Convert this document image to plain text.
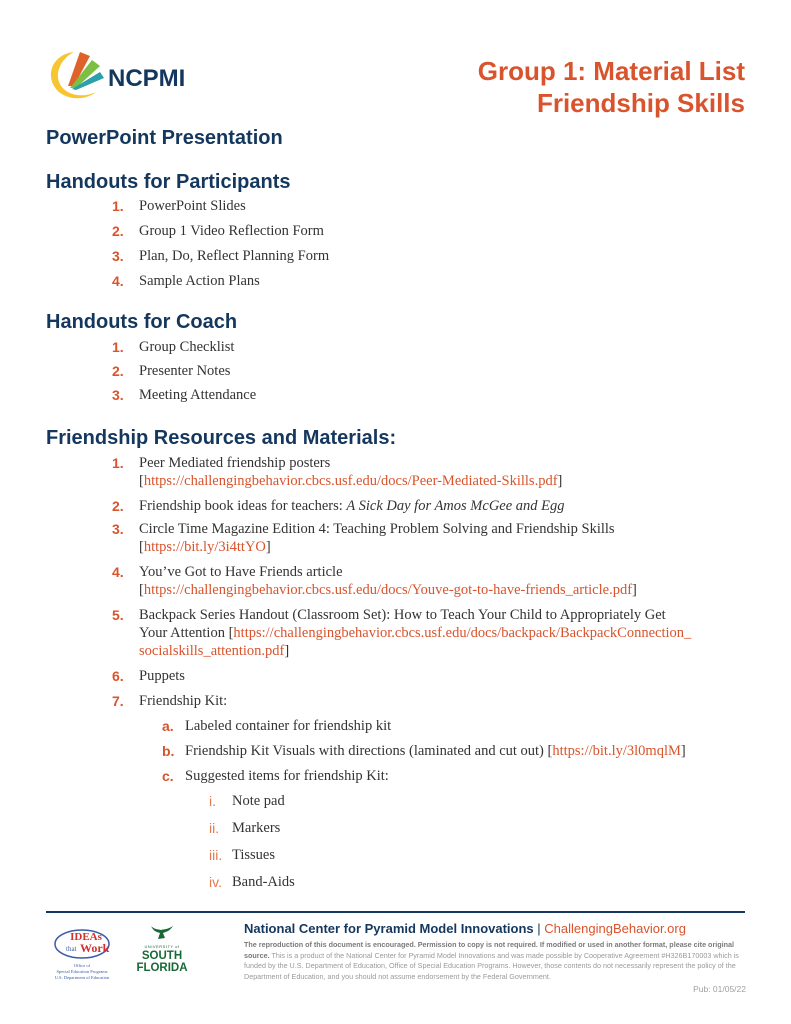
NCPMI	Group 1: Material List
Friendship Skills
PowerPoint Presentation
Handouts for Participants
1. PowerPoint Slides
2. Group 1 Video Reflection Form
3. Plan, Do, Reflect Planning Form
4. Sample Action Plans
Handouts for Coach
1. Group Checklist
2. Presenter Notes
3. Meeting Attendance
Friendship Resources and Materials:
1. Peer Mediated friendship posters
[https://challengingbehavior.cbcs.usf.edu/docs/Peer-Mediated-Skills.pdf]
2. Friendship book ideas for teachers: A Sick Day for Amos McGee and Egg
3. Circle Time Magazine Edition 4: Teaching Problem Solving and Friendship Skills
[https://bit.ly/3i4ttYO]
4. You’ve Got to Have Friends article
[https://challengingbehavior.cbcs.usf.edu/docs/Youve-got-to-have-friends_article.pdf]
5. Backpack Series Handout (Classroom Set): How to Teach Your Child to Appropriately Get
Your Attention [https://challengingbehavior.cbcs.usf.edu/docs/backpack/BackpackConnection_
socialskills_attention.pdf]
6. Puppets
7. Friendship Kit:
a. Labeled container for friendship kit
b. Friendship Kit Visuals with directions (laminated and cut out) [https://bit.ly/3l0mqlM]
c. Suggested items for friendship Kit:
i. Note pad
ii. Markers
iii. Tissues
iv. Band-Aids
IDEAs
that Work
Office of
Special Education Programs
U.S. Department of Education
UNIVERSITY of
SOUTH
FLORIDA
National Center for Pyramid Model Innovations | ChallengingBehavior.org
The reproduction of this document is encouraged. Permission to copy is not required. If modified or used in another format, please cite original source. This is a product of the National Center for Pyramid Model Innovations and was made possible by Cooperative Agreement #H326B170003 which is funded by the U.S. Department of Education, Office of Special Education Programs. However, those contents do not necessarily represent the policy of the Department of Education, and you should not assume endorsement by the Federal Government.
Pub: 01/05/22
